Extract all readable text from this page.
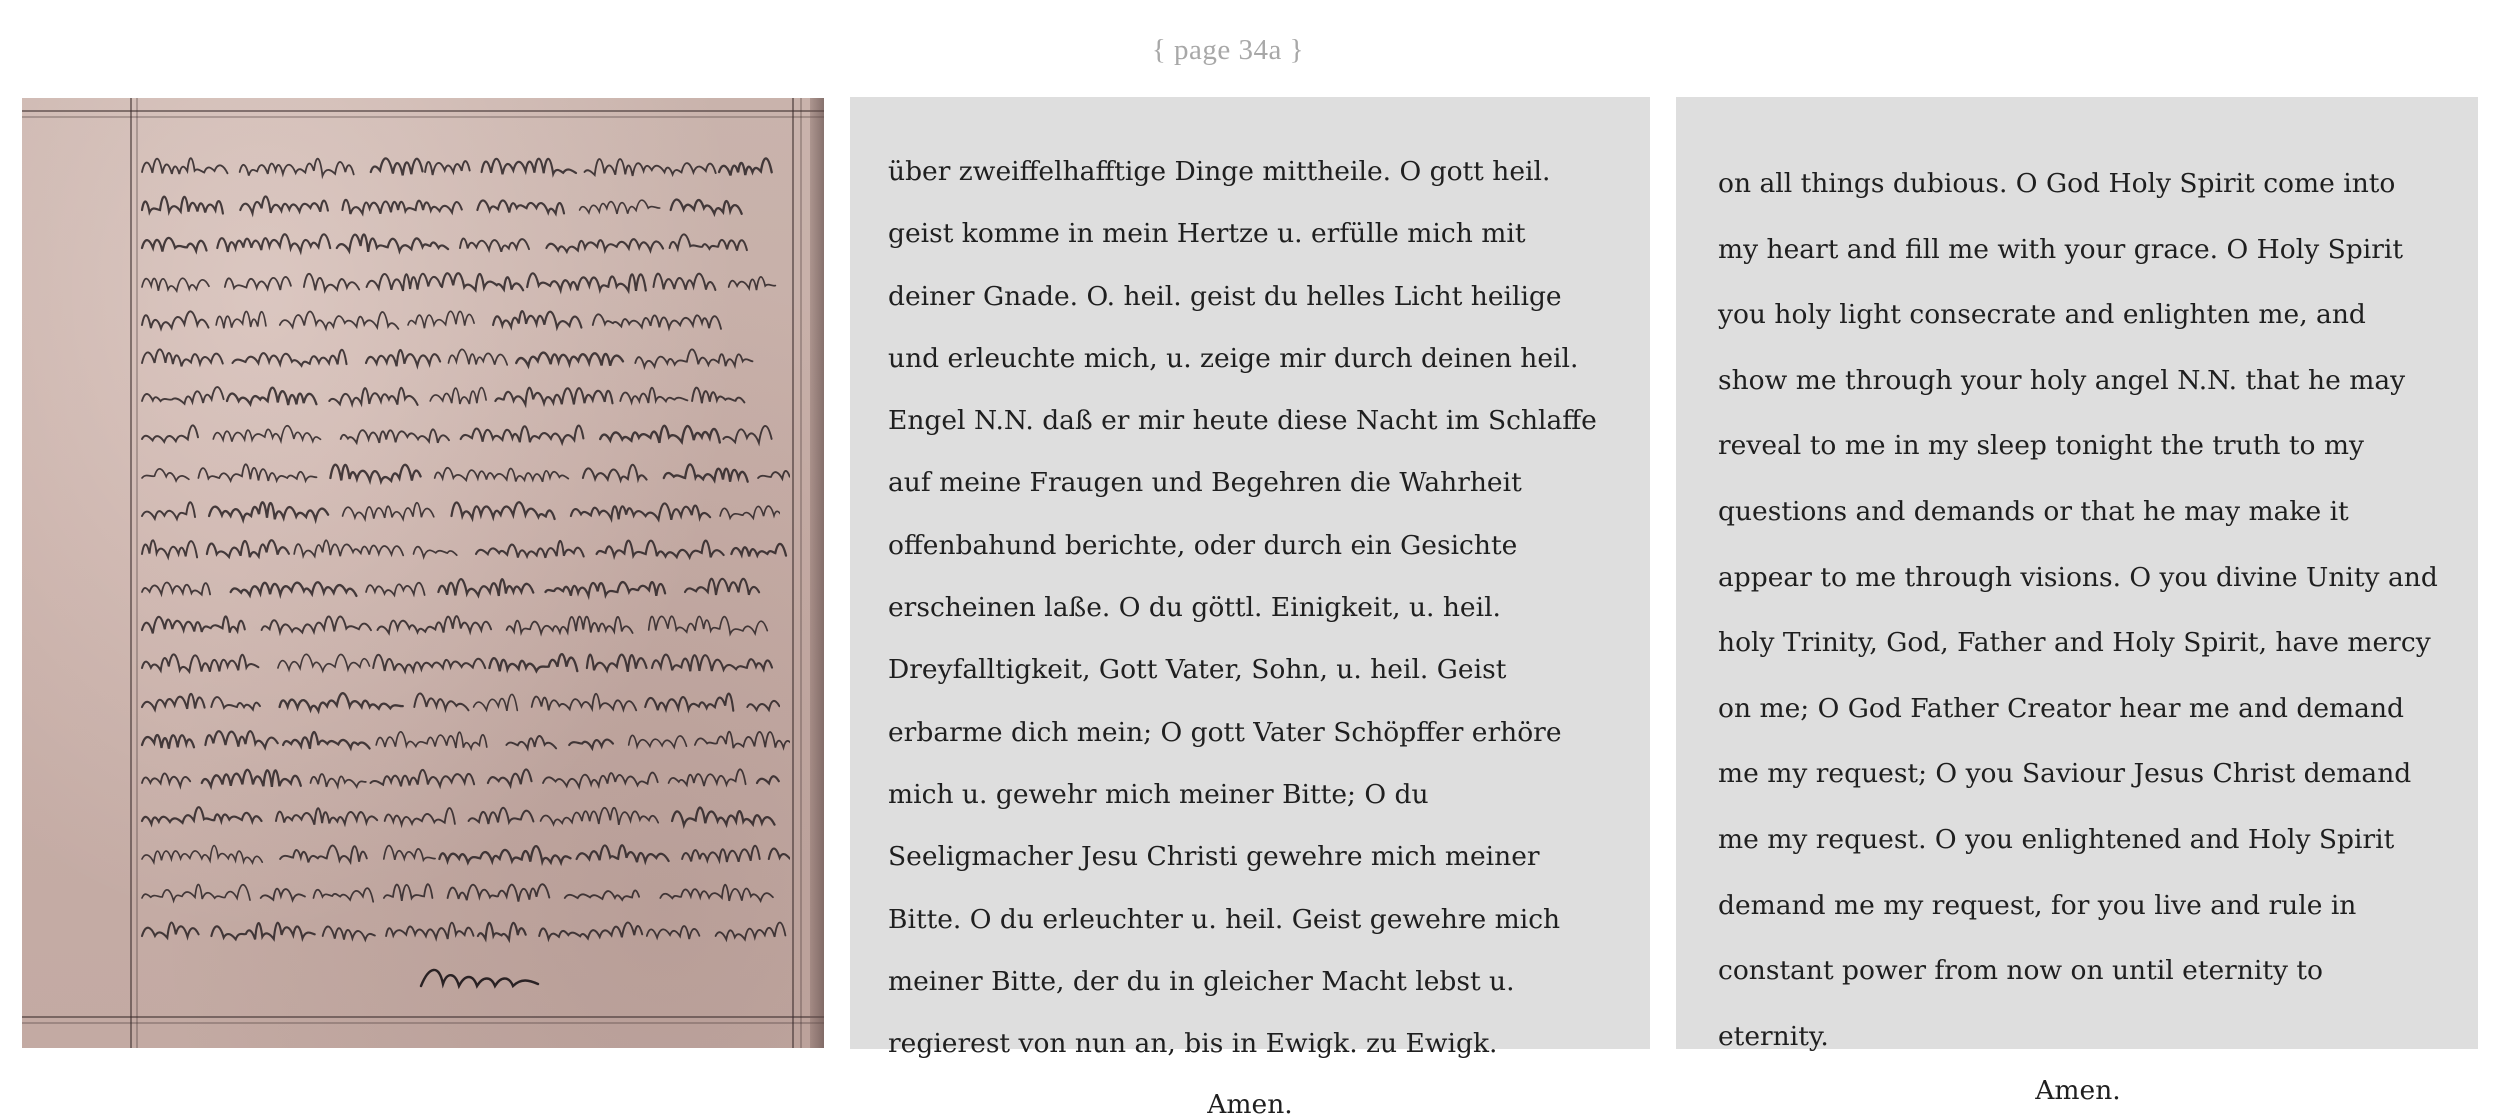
{ page 34a }

über zweiffelhafftige Dinge mittheile. O gott heil. geist komme in mein Hertze u. erfülle mich mit deiner Gnade. O. heil. geist du helles Licht heilige und erleuchte mich, u. zeige mir durch deinen heil. Engel N.N. daß er mir heute diese Nacht im Schlaffe auf meine Fraugen und Begehren die Wahrheit offenbahund berichte, oder durch ein Gesichte erscheinen laße. O du göttl. Einigkeit, u. heil. Dreyfalltigkeit, Gott Vater, Sohn, u. heil. Geist erbarme dich mein; O gott Vater Schöpffer erhöre mich u. gewehr mich meiner Bitte; O du Seeligmacher Jesu Christi gewehre mich meiner Bitte. O du erleuchter u. heil. Geist gewehre mich meiner Bitte, der du in gleicher Macht lebst u. regierest von nun an, bis in Ewigk. zu Ewigk.

Amen.

on all things dubious. O God Holy Spirit come into my heart and fill me with your grace. O Holy Spirit you holy light consecrate and enlighten me, and show me through your holy angel N.N. that he may reveal to me in my sleep tonight the truth to my questions and demands or that he may make it appear to me through visions. O you divine Unity and holy Trinity, God, Father and Holy Spirit, have mercy on me; O God Father Creator hear me and demand me my request; O you Saviour Jesus Christ demand me my request. O you enlightened and Holy Spirit demand me my request, for you live and rule in constant power from now on until eternity to eternity.

Amen.
